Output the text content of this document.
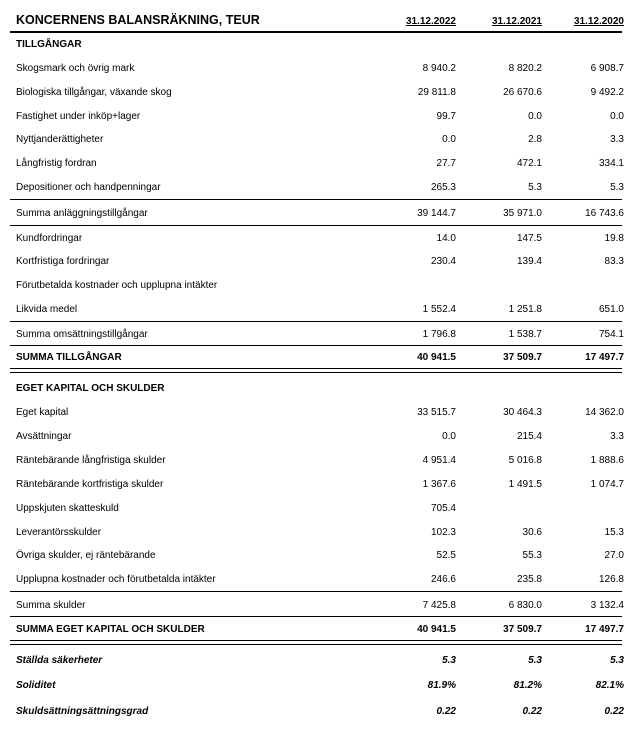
KONCERNENS BALANSRÄKNING, TEUR	31.12.2022	31.12.2021	31.12.2020
TILLGÅNGAR
Skogsmark och övrig mark	8 940.2	8 820.2	6 908.7
Biologiska tillgångar, växande skog	29 811.8	26 670.6	9 492.2
Fastighet under inköp+lager	99.7	0.0	0.0
Nyttjanderättigheter	0.0	2.8	3.3
Långfristig fordran	27.7	472.1	334.1
Depositioner och handpenningar	265.3	5.3	5.3
Summa anläggningstillgångar	39 144.7	35 971.0	16 743.6
Kundfordringar	14.0	147.5	19.8
Kortfristiga fordringar	230.4	139.4	83.3
Förutbetalda kostnader och upplupna intäkter
Likvida medel	1 552.4	1 251.8	651.0
Summa omsättningstillgångar	1 796.8	1 538.7	754.1
SUMMA TILLGÅNGAR	40 941.5	37 509.7	17 497.7
EGET KAPITAL OCH SKULDER
Eget kapital	33 515.7	30 464.3	14 362.0
Avsättningar	0.0	215.4	3.3
Räntebärande långfristiga skulder	4 951.4	5 016.8	1 888.6
Räntebärande kortfristiga skulder	1 367.6	1 491.5	1 074.7
Uppskjuten skatteskuld	705.4
Leverantörsskulder	102.3	30.6	15.3
Övriga skulder, ej räntebärande	52.5	55.3	27.0
Upplupna kostnader och förutbetalda intäkter	246.6	235.8	126.8
Summa skulder	7 425.8	6 830.0	3 132.4
SUMMA EGET KAPITAL OCH SKULDER	40 941.5	37 509.7	17 497.7
Ställda säkerheter	5.3	5.3	5.3
Soliditet	81.9%	81.2%	82.1%
Skuldsättningsättningsgrad	0.22	0.22	0.22
